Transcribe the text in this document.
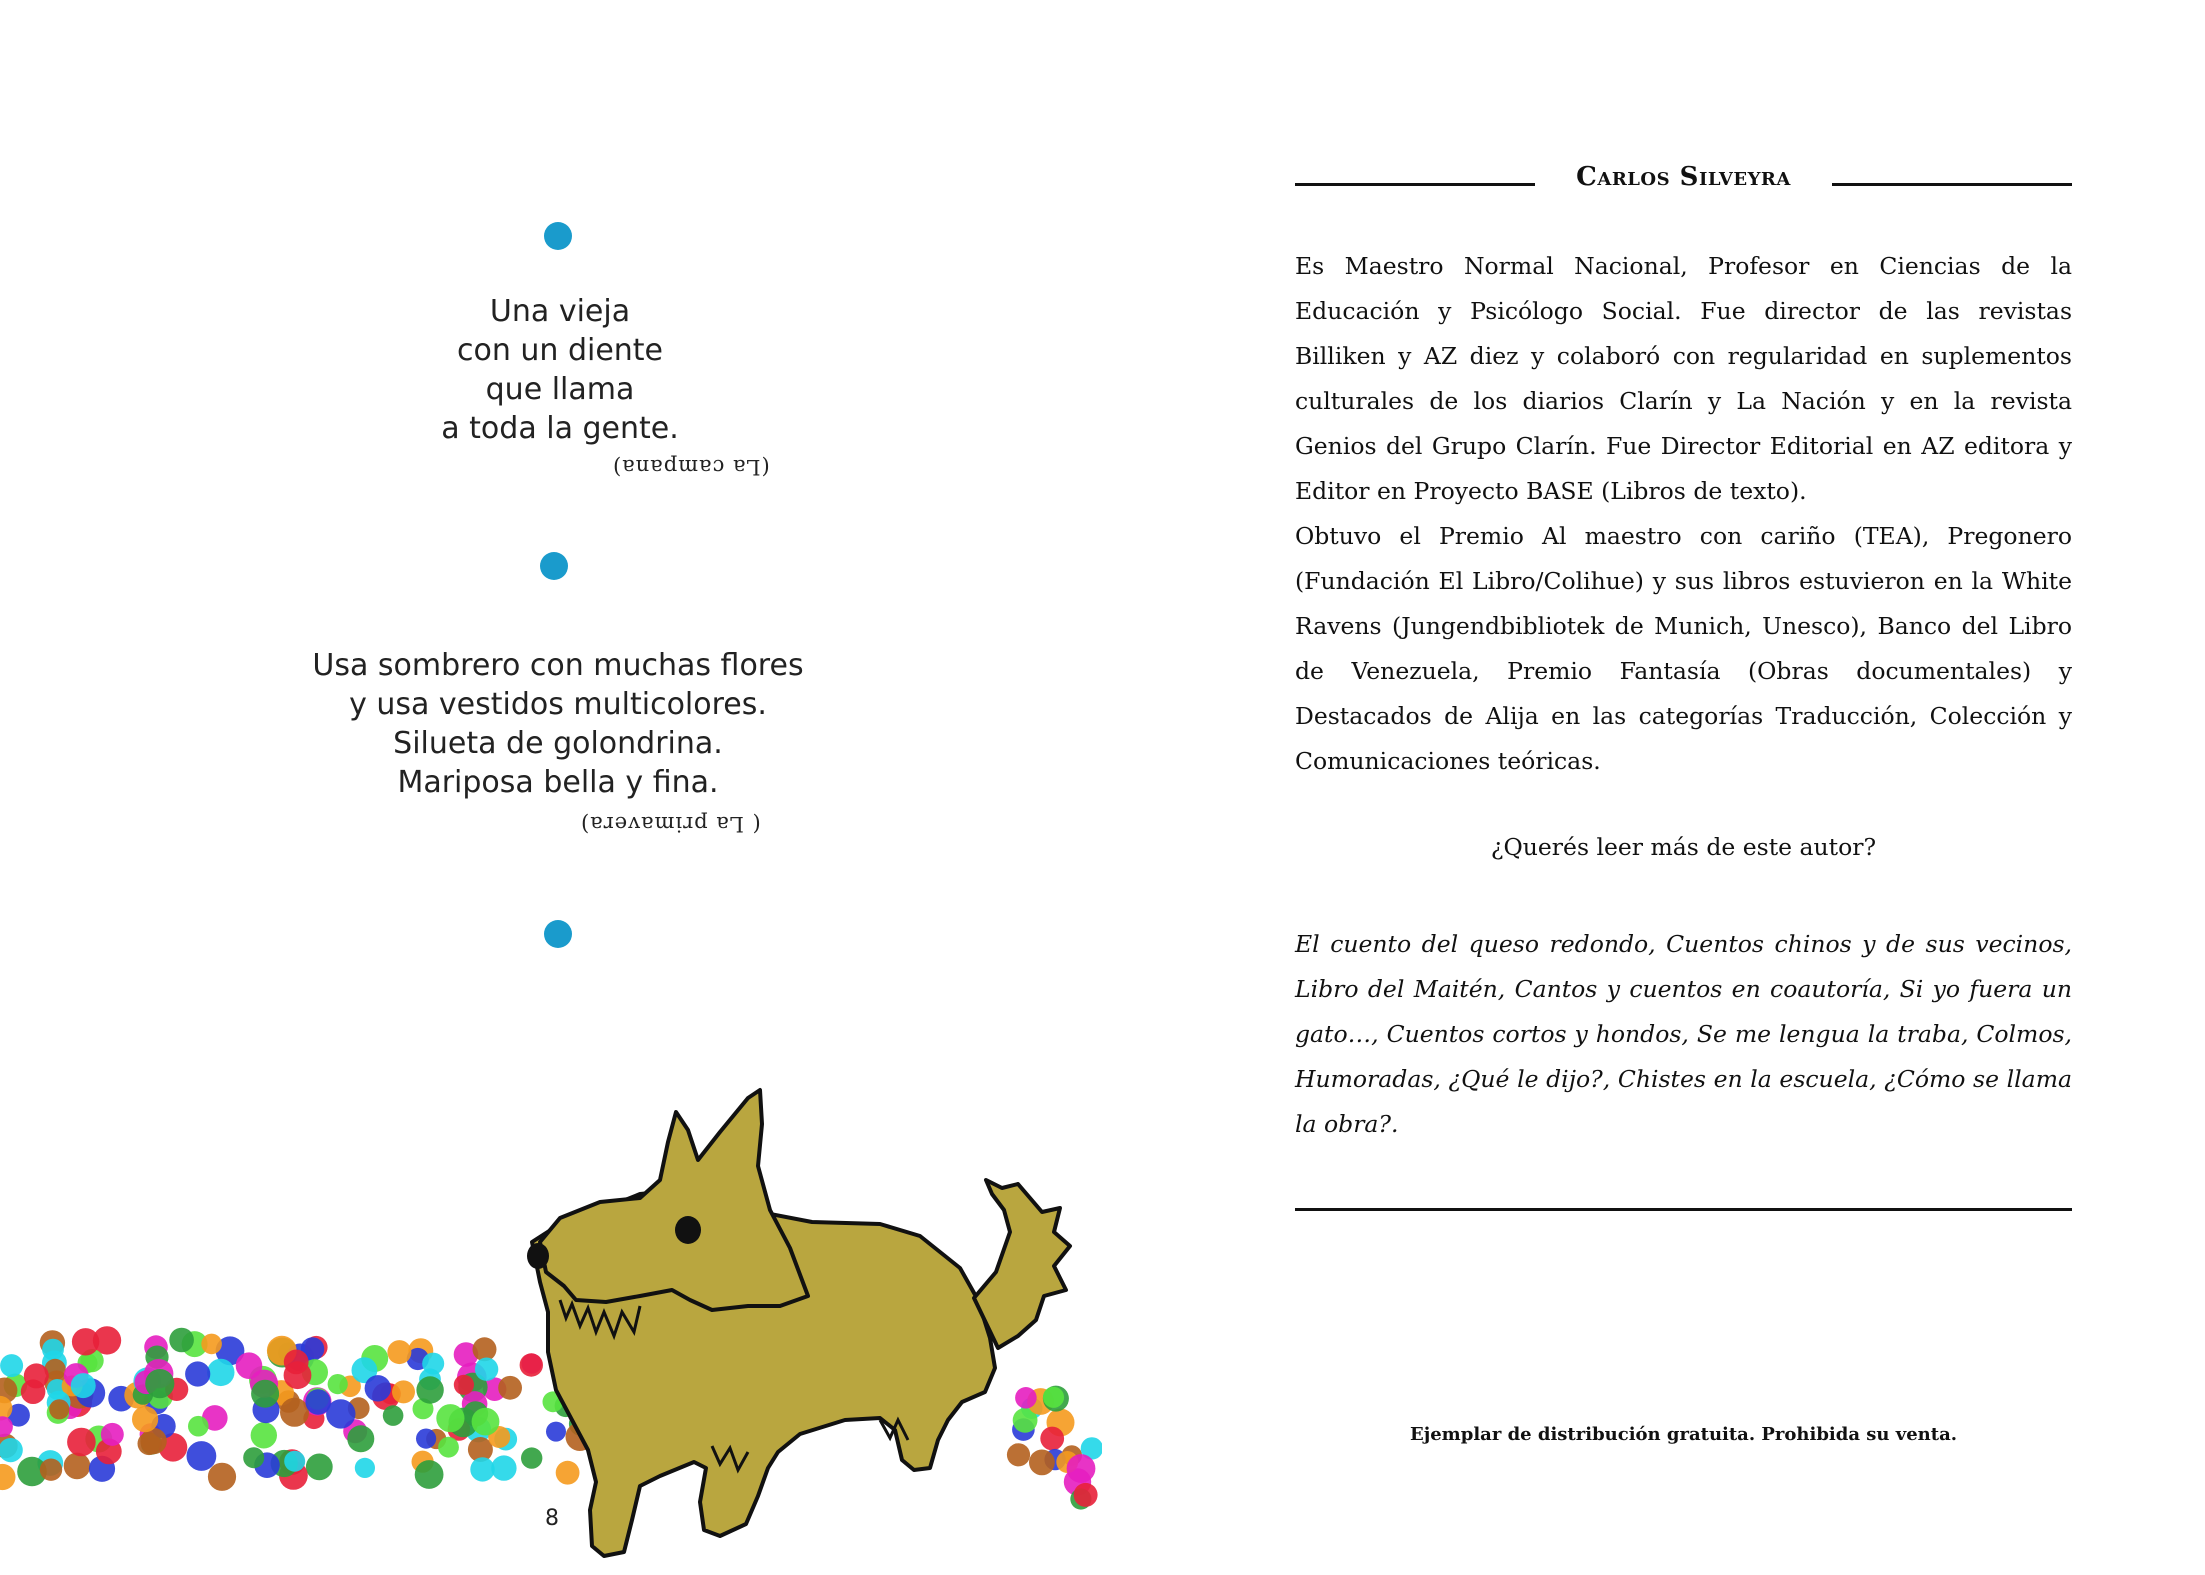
Una vieja
con un diente
que llama
a toda la gente.
(La campana)
Usa sombrero con muchas flores
y usa vestidos multicolores.
Silueta de golondrina.
Mariposa bella y fina.
( La primavera)
8
Carlos Silveyra

Es Maestro Normal Nacional, Profesor en Ciencias de la Educación y Psicólogo Social. Fue director de las revistas Billiken y AZ diez y colaboró con regularidad en suplementos culturales de los diarios Clarín y La Nación y en la revista Genios del Grupo Clarín. Fue Director Editorial en AZ editora y Editor en Proyecto BASE (Libros de texto).

Obtuvo el Premio Al maestro con cariño (TEA), Pregonero (Fundación El Libro/Colihue) y sus libros estuvieron en la White Ravens (Jungendbibliotek de Munich, Unesco), Banco del Libro de Venezuela, Premio Fantasía (Obras documentales) y Destacados de Alija en las categorías Traducción, Colección y Comunicaciones teóricas.

¿Querés leer más de este autor?
El cuento del queso redondo, Cuentos chinos y de sus vecinos, Libro del Maitén, Cantos y cuentos en coautoría, Si yo fuera un gato…, Cuentos cortos y hondos, Se me lengua la traba, Colmos, Humoradas, ¿Qué le dijo?, Chistes en la escuela, ¿Cómo se llama la obra?.
Ejemplar de distribución gratuita. Prohibida su venta.
